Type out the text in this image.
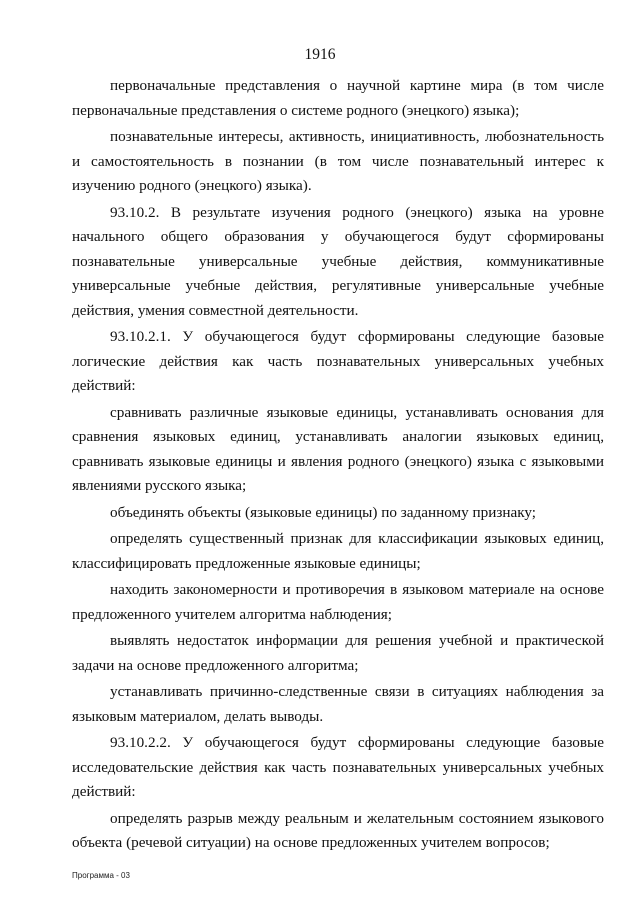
1916

первоначальные представления о научной картине мира (в том числе первоначальные представления о системе родного (энецкого) языка);

познавательные интересы, активность, инициативность, любознательность и самостоятельность в познании (в том числе познавательный интерес к изучению родного (энецкого) языка).

93.10.2. В результате изучения родного (энецкого) языка на уровне начального общего образования у обучающегося будут сформированы познавательные универсальные учебные действия, коммуникативные универсальные учебные действия, регулятивные универсальные учебные действия, умения совместной деятельности.

93.10.2.1. У обучающегося будут сформированы следующие базовые логические действия как часть познавательных универсальных учебных действий:

сравнивать различные языковые единицы, устанавливать основания для сравнения языковых единиц, устанавливать аналогии языковых единиц, сравнивать языковые единицы и явления родного (энецкого) языка с языковыми явлениями русского языка;

объединять объекты (языковые единицы) по заданному признаку;

определять существенный признак для классификации языковых единиц, классифицировать предложенные языковые единицы;

находить закономерности и противоречия в языковом материале на основе предложенного учителем алгоритма наблюдения;

выявлять недостаток информации для решения учебной и практической задачи на основе предложенного алгоритма;

устанавливать причинно-следственные связи в ситуациях наблюдения за языковым материалом, делать выводы.

93.10.2.2. У обучающегося будут сформированы следующие базовые исследовательские действия как часть познавательных универсальных учебных действий:

определять разрыв между реальным и желательным состоянием языкового объекта (речевой ситуации) на основе предложенных учителем вопросов;

Программа - 03
